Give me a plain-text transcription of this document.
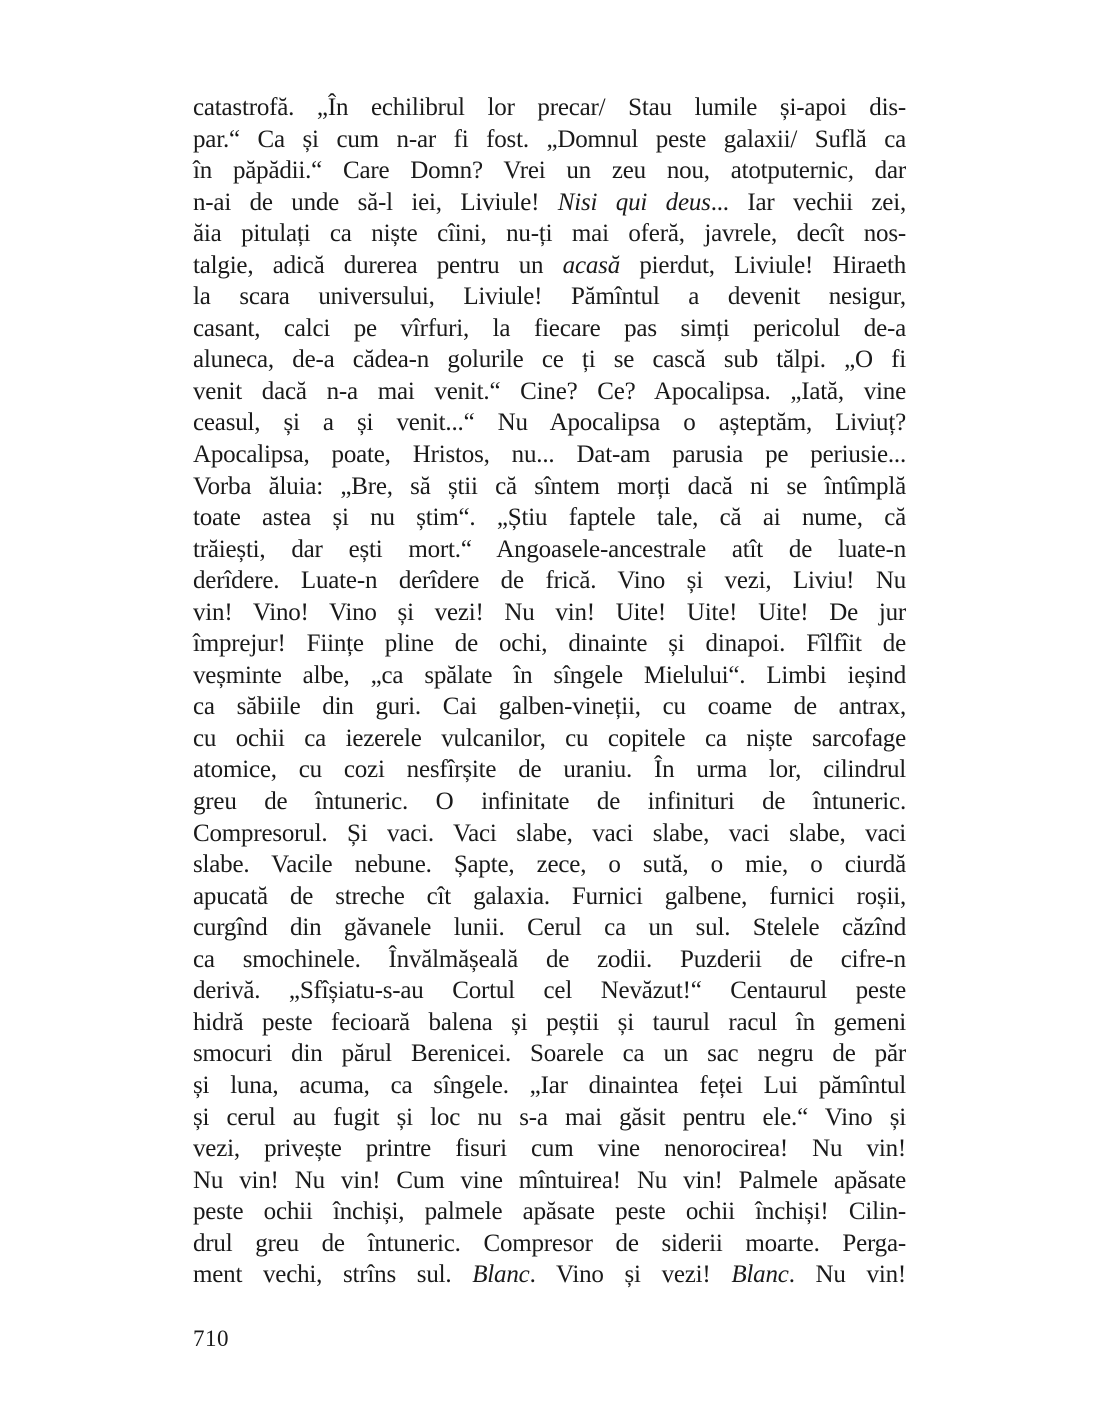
catastrofă. „În echilibrul lor precar/ Stau lumile și-apoi dis-
par.“ Ca și cum n-ar fi fost. „Domnul peste galaxii/ Suflă ca
în păpădii.“ Care Domn? Vrei un zeu nou, atotputernic, dar
n-ai de unde să-l iei, Liviule! Nisi qui deus... Iar vechii zei,
ăia pitulați ca niște cîini, nu-ți mai oferă, javrele, decît nos-
talgie, adică durerea pentru un acasă pierdut, Liviule! Hiraeth
la scara universului, Liviule! Pămîntul a devenit nesigur,
casant, calci pe vîrfuri, la fiecare pas simți pericolul de-a
aluneca, de-a cădea-n golurile ce ți se cască sub tălpi. „O fi
venit dacă n-a mai venit.“ Cine? Ce? Apocalipsa. „Iată, vine
ceasul, și a și venit...“ Nu Apocalipsa o așteptăm, Liviuț?
Apocalipsa, poate, Hristos, nu... Dat-am parusia pe periusie...
Vorba ăluia: „Bre, să știi că sîntem morți dacă ni se întîmplă
toate astea și nu știm“. „Știu faptele tale, că ai nume, că
trăiești, dar ești mort.“ Angoasele-ancestrale atît de luate-n
derîdere. Luate-n derîdere de frică. Vino și vezi, Liviu! Nu
vin! Vino! Vino și vezi! Nu vin! Uite! Uite! Uite! De jur
împrejur! Ființe pline de ochi, dinainte și dinapoi. Fîlfîit de
veșminte albe, „ca spălate în sîngele Mielului“. Limbi ieșind
ca săbiile din guri. Cai galben-vineții, cu coame de antrax,
cu ochii ca iezerele vulcanilor, cu copitele ca niște sarcofage
atomice, cu cozi nesfîrșite de uraniu. În urma lor, cilindrul
greu de întuneric. O infinitate de infinituri de întuneric.
Compresorul. Și vaci. Vaci slabe, vaci slabe, vaci slabe, vaci
slabe. Vacile nebune. Șapte, zece, o sută, o mie, o ciurdă
apucată de streche cît galaxia. Furnici galbene, furnici roșii,
curgînd din găvanele lunii. Cerul ca un sul. Stelele căzînd
ca smochinele. Învălmășeală de zodii. Puzderii de cifre-n
derivă. „Sfîșiatu-s-au Cortul cel Nevăzut!“ Centaurul peste
hidră peste fecioară balena și peștii și taurul racul în gemeni
smocuri din părul Berenicei. Soarele ca un sac negru de păr
și luna, acuma, ca sîngele. „Iar dinaintea feței Lui pămîntul
și cerul au fugit și loc nu s-a mai găsit pentru ele.“ Vino și
vezi, privește printre fisuri cum vine nenorocirea! Nu vin!
Nu vin! Nu vin! Cum vine mîntuirea! Nu vin! Palmele apăsate
peste ochii închiși, palmele apăsate peste ochii închiși! Cilin-
drul greu de întuneric. Compresor de siderii moarte. Perga-
ment vechi, strîns sul. Blanc. Vino și vezi! Blanc. Nu vin!
710
